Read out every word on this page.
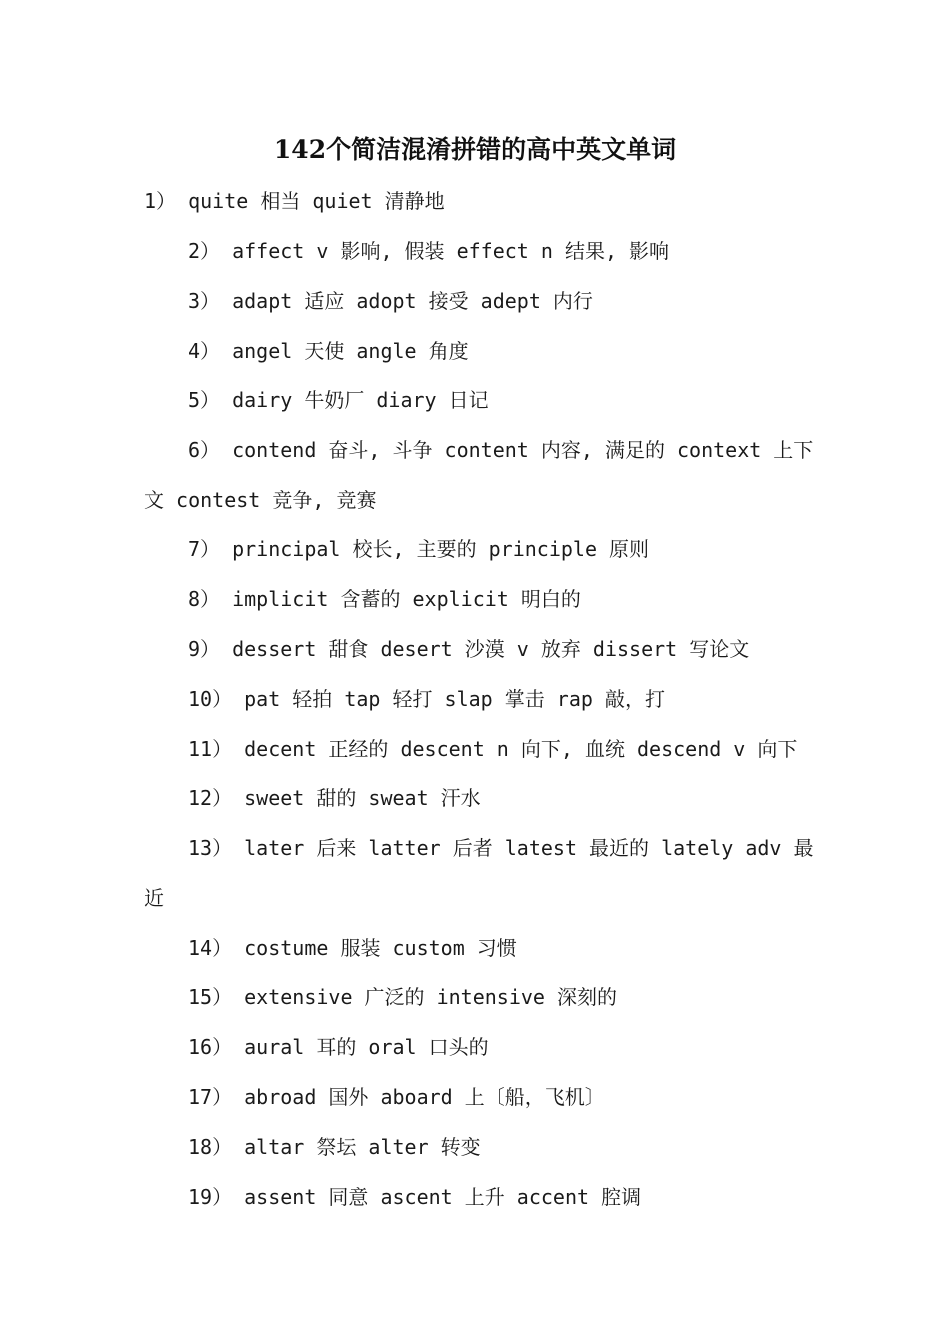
142个简洁混淆拼错的高中英文单词
1） quite 相当 quiet 清静地
2） affect v 影响, 假装 effect n 结果, 影响
3） adapt 适应 adopt 接受 adept 内行
4） angel 天使 angle 角度
5） dairy 牛奶厂 diary 日记
6） contend 奋斗, 斗争 content 内容, 满足的 context 上下
文 contest 竞争, 竞赛
7） principal 校长, 主要的 principle 原则
8） implicit 含蓄的 explicit 明白的
9） dessert 甜食 desert 沙漠 v 放弃 dissert 写论文
10） pat 轻拍 tap 轻打 slap 掌击 rap 敲，打
11） decent 正经的 descent n 向下, 血统 descend v 向下
12） sweet 甜的 sweat 汗水
13） later 后来 latter 后者 latest 最近的 lately adv 最
近
14） costume 服装 custom 习惯
15） extensive 广泛的 intensive 深刻的
16） aural 耳的 oral 口头的
17） abroad 国外 aboard 上〔船，飞机〕
18） altar 祭坛 alter 转变
19） assent 同意 ascent 上升 accent 腔调
